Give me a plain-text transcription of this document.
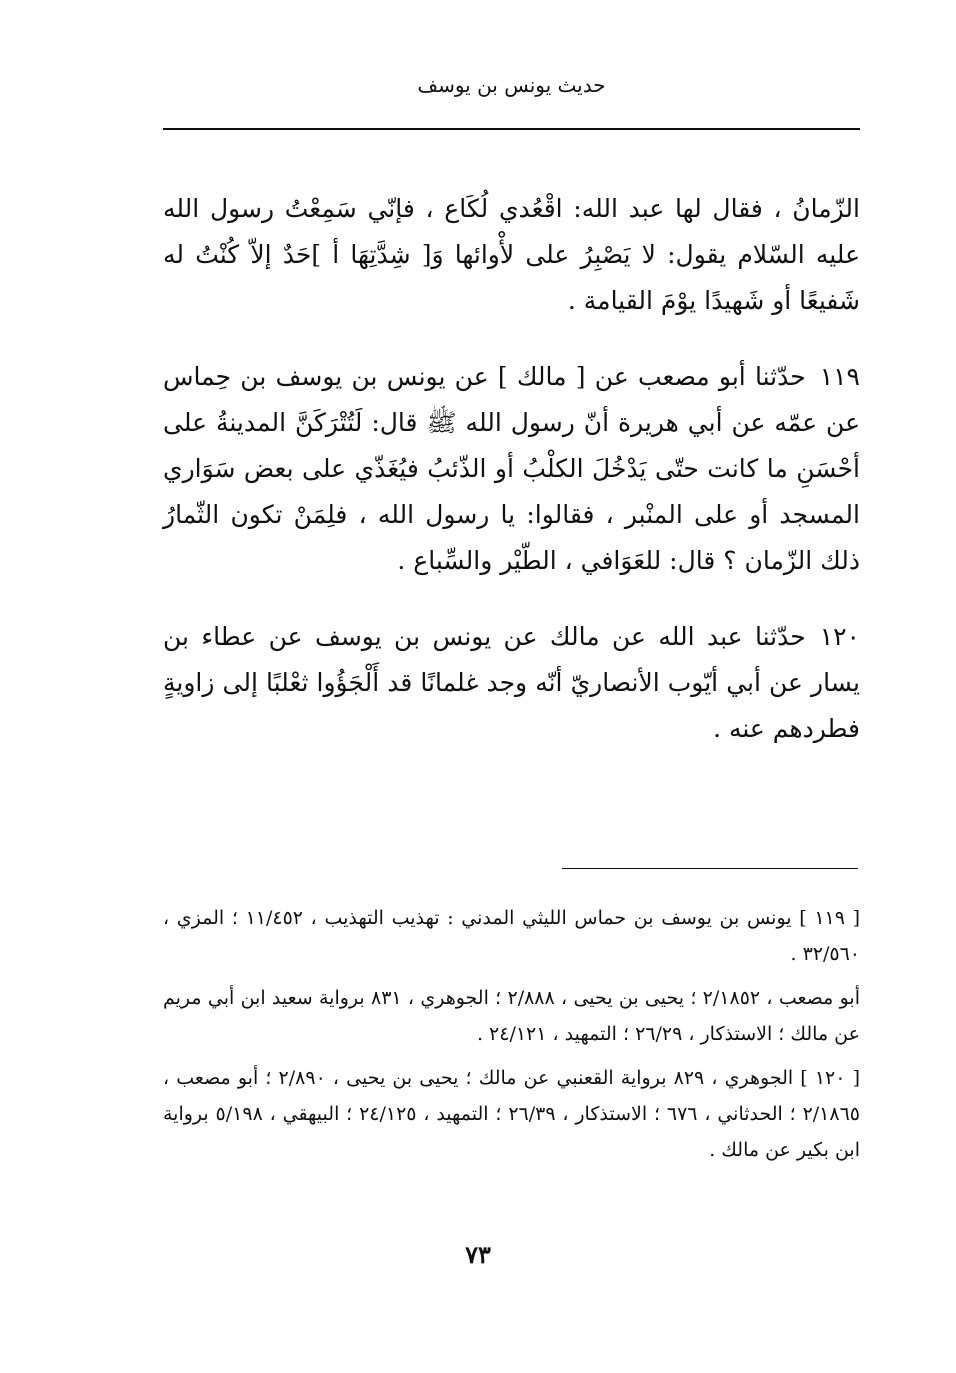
حديث يونس بن يوسف

الزّمانُ ، فقال لها عبد الله: اقْعُدي لُكَاع ، فإنّي سَمِعْتُ رسول الله عليه السّلام يقول: لا يَصْبِرُ على لأْوائها وَ[ شِدَّتِهَا أ ]حَدٌ إلاّ كُنْتُ له شَفيعًا أو شَهيدًا يوْمَ القيامة .

١١٩حدّثنا أبو مصعب عن [ مالك ] عن يونس بن يوسف بن حِماس عن عمّه عن أبي هريرة أنّ رسول الله ﷺ قال: لَتُتْرَكَنَّ المدينةُ على أحْسَنِ ما كانت حتّى يَدْخُلَ الكلْبُ أو الذّئبُ فيُغَذّي على بعض سَوَاري المسجد أو على المنْبر ، فقالوا: يا رسول الله ، فلِمَنْ تكون الثّمارُ ذلك الزّمان ؟ قال: للعَوَافي ، الطّيْر والسِّباع .

١٢٠حدّثنا عبد الله عن مالك عن يونس بن يوسف عن عطاء بن يسار عن أبي أيّوب الأنصاريّ أنّه وجد غلمانًا قد أَلْجَؤُوا ثعْلبًا إلى زاويةٍ فطردهم عنه .

[ ١١٩ ] يونس بن يوسف بن حماس الليثي المدني : تهذيب التهذيب ، ١١/٤٥٢ ؛ المزي ، ٣٢/٥٦٠ .

أبو مصعب ، ٢/١٨٥٢ ؛ يحيى بن يحيى ، ٢/٨٨٨ ؛ الجوهري ، ٨٣١ برواية سعيد ابن أبي مريم عن مالك ؛ الاستذكار ، ٢٦/٢٩ ؛ التمهيد ، ٢٤/١٢١ .

[ ١٢٠ ] الجوهري ، ٨٢٩ برواية القعنبي عن مالك ؛ يحيى بن يحيى ، ٢/٨٩٠ ؛ أبو مصعب ، ٢/١٨٦٥ ؛ الحدثاني ، ٦٧٦ ؛ الاستذكار ، ٢٦/٣٩ ؛ التمهيد ، ٢٤/١٢٥ ؛ البيهقي ، ٥/١٩٨ برواية ابن بكير عن مالك .

٧٣
